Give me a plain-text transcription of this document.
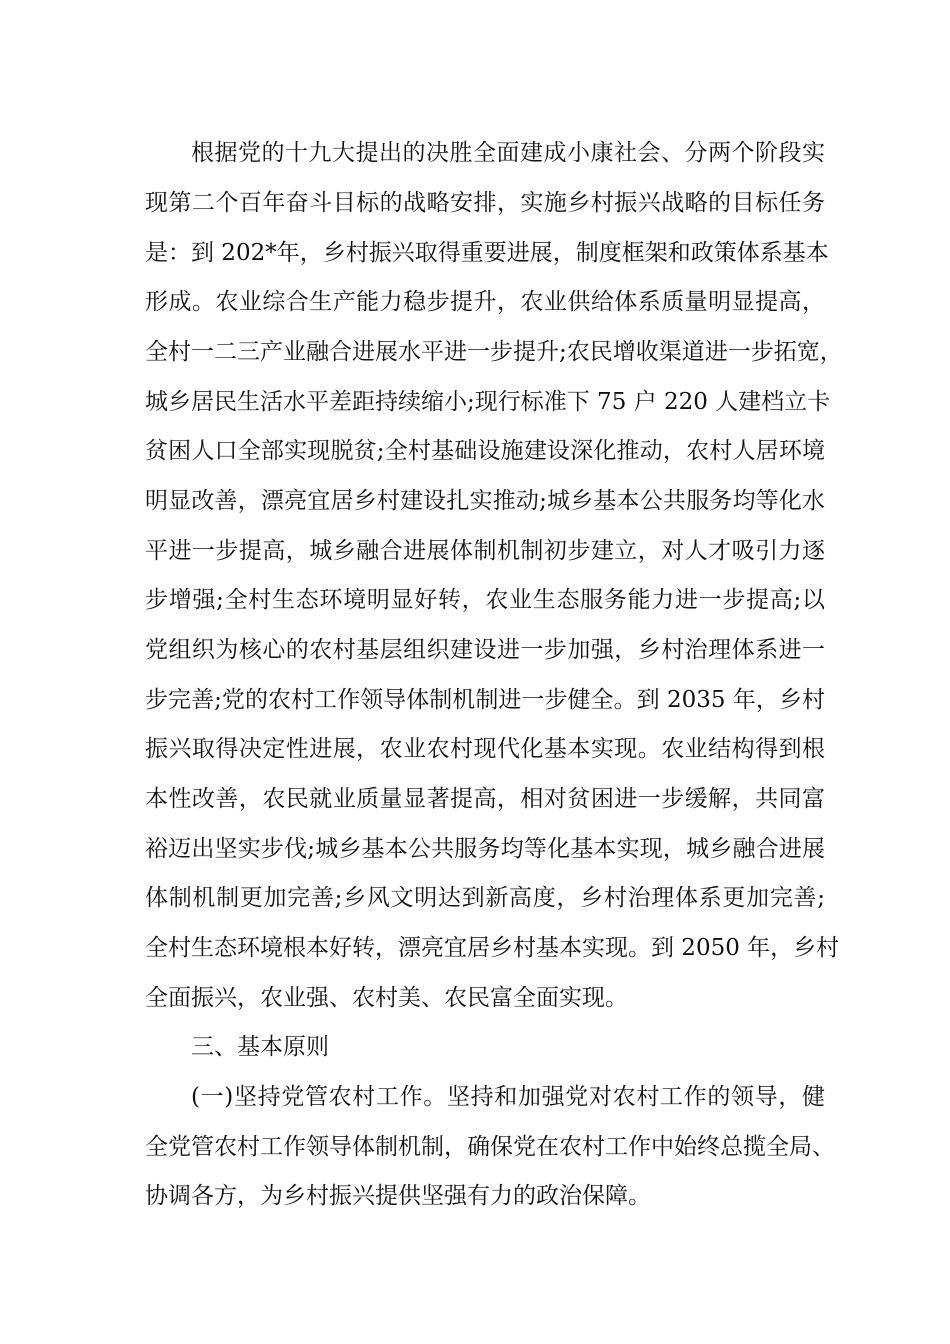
根据党的十九大提出的决胜全面建成小康社会、分两个阶段实
现第二个百年奋斗目标的战略安排，实施乡村振兴战略的目标任务
是：到 202*年，乡村振兴取得重要进展，制度框架和政策体系基本
形成。农业综合生产能力稳步提升，农业供给体系质量明显提高，
全村一二三产业融合进展水平进一步提升;农民增收渠道进一步拓宽，
城乡居民生活水平差距持续缩小;现行标准下 75 户 220 人建档立卡
贫困人口全部实现脱贫;全村基础设施建设深化推动，农村人居环境
明显改善，漂亮宜居乡村建设扎实推动;城乡基本公共服务均等化水
平进一步提高，城乡融合进展体制机制初步建立，对人才吸引力逐
步增强;全村生态环境明显好转，农业生态服务能力进一步提高;以
党组织为核心的农村基层组织建设进一步加强，乡村治理体系进一
步完善;党的农村工作领导体制机制进一步健全。到 2035 年，乡村
振兴取得决定性进展，农业农村现代化基本实现。农业结构得到根
本性改善，农民就业质量显著提高，相对贫困进一步缓解，共同富
裕迈出坚实步伐;城乡基本公共服务均等化基本实现，城乡融合进展
体制机制更加完善;乡风文明达到新高度，乡村治理体系更加完善;
全村生态环境根本好转，漂亮宜居乡村基本实现。到 2050 年，乡村
全面振兴，农业强、农村美、农民富全面实现。
三、基本原则
(一)坚持党管农村工作。坚持和加强党对农村工作的领导，健
全党管农村工作领导体制机制，确保党在农村工作中始终总揽全局、
协调各方，为乡村振兴提供坚强有力的政治保障。
